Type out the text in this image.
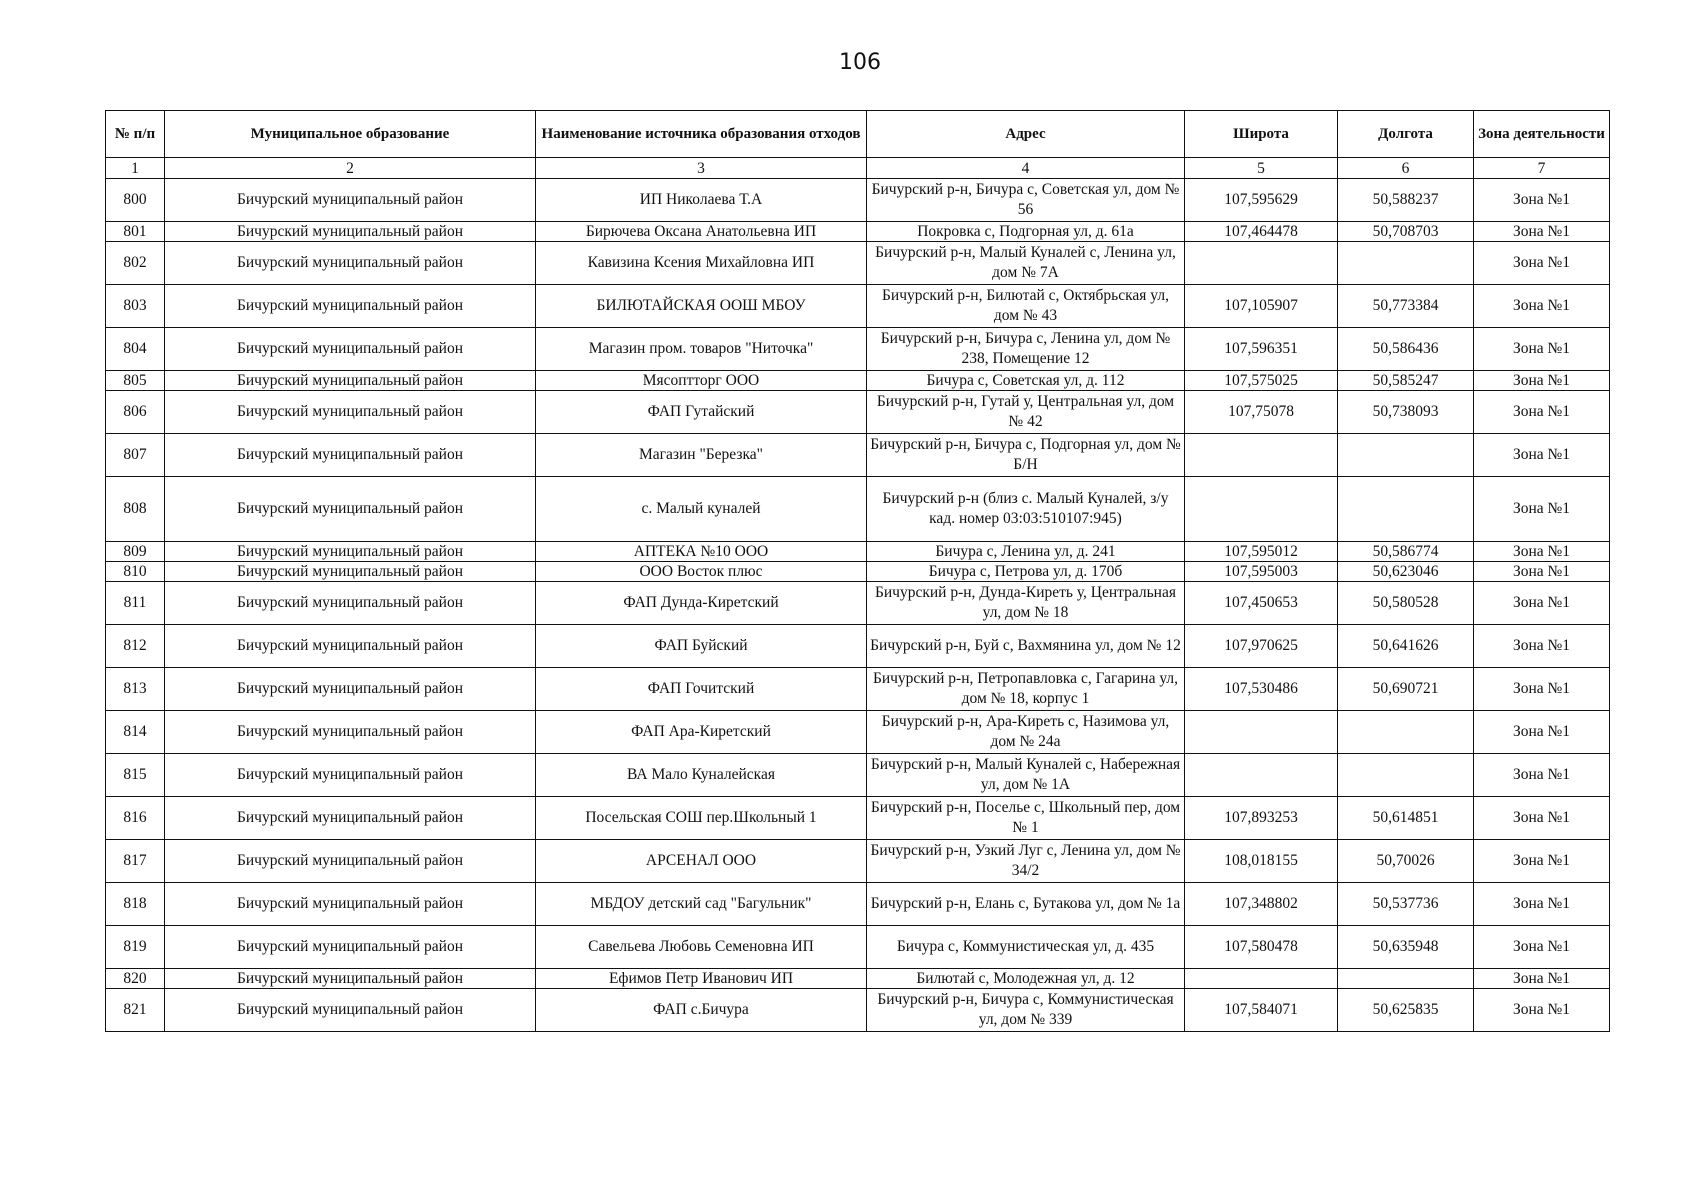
106
№ п/п	Муниципальное образование	Наименование источника образования отходов	Адрес	Широта	Долгота	Зона деятельности
1	2	3	4	5	6	7
800	Бичурский муниципальный район	ИП Николаева Т.А	Бичурский р-н, Бичура с, Советская ул, дом № 56	107,595629	50,588237	Зона №1
801	Бичурский муниципальный район	Бирючева Оксана Анатольевна ИП	Покровка с, Подгорная ул, д. 61а	107,464478	50,708703	Зона №1
802	Бичурский муниципальный район	Кавизина Ксения Михайловна ИП	Бичурский р-н, Малый Куналей с, Ленина ул, дом № 7А			Зона №1
803	Бичурский муниципальный район	БИЛЮТАЙСКАЯ ООШ МБОУ	Бичурский р-н, Билютай с, Октябрьская ул, дом № 43	107,105907	50,773384	Зона №1
804	Бичурский муниципальный район	Магазин пром. товаров "Ниточка"	Бичурский р-н, Бичура с, Ленина ул, дом № 238, Помещение 12	107,596351	50,586436	Зона №1
805	Бичурский муниципальный район	Мясоптторг ООО	Бичура с, Советская ул, д. 112	107,575025	50,585247	Зона №1
806	Бичурский муниципальный район	ФАП Гутайский	Бичурский р-н, Гутай у, Центральная ул, дом № 42	107,75078	50,738093	Зона №1
807	Бичурский муниципальный район	Магазин "Березка"	Бичурский р-н, Бичура с, Подгорная ул, дом № Б/Н			Зона №1
808	Бичурский муниципальный район	с. Малый куналей	Бичурский р-н (близ с. Малый Куналей, з/у кад. номер 03:03:510107:945)			Зона №1
809	Бичурский муниципальный район	АПТЕКА №10 ООО	Бичура с, Ленина ул, д. 241	107,595012	50,586774	Зона №1
810	Бичурский муниципальный район	ООО Восток плюс	Бичура с, Петрова ул, д. 170б	107,595003	50,623046	Зона №1
811	Бичурский муниципальный район	ФАП Дунда-Киретский	Бичурский р-н, Дунда-Киреть у, Центральная ул, дом № 18	107,450653	50,580528	Зона №1
812	Бичурский муниципальный район	ФАП Буйский	Бичурский р-н, Буй с, Вахмянина ул, дом № 12	107,970625	50,641626	Зона №1
813	Бичурский муниципальный район	ФАП Гочитский	Бичурский р-н, Петропавловка с, Гагарина ул, дом № 18, корпус 1	107,530486	50,690721	Зона №1
814	Бичурский муниципальный район	ФАП Ара-Киретский	Бичурский р-н, Ара-Киреть с, Назимова ул, дом № 24а			Зона №1
815	Бичурский муниципальный район	ВА Мало Куналейская	Бичурский р-н, Малый Куналей с, Набережная ул, дом № 1А			Зона №1
816	Бичурский муниципальный район	Посельская СОШ пер.Школьный 1	Бичурский р-н, Поселье с, Школьный пер, дом № 1	107,893253	50,614851	Зона №1
817	Бичурский муниципальный район	АРСЕНАЛ ООО	Бичурский р-н, Узкий Луг с, Ленина ул, дом № 34/2	108,018155	50,70026	Зона №1
818	Бичурский муниципальный район	МБДОУ детский сад "Багульник"	Бичурский р-н, Елань с, Бутакова ул, дом № 1а	107,348802	50,537736	Зона №1
819	Бичурский муниципальный район	Савельева Любовь Семеновна ИП	Бичура с, Коммунистическая ул, д. 435	107,580478	50,635948	Зона №1
820	Бичурский муниципальный район	Ефимов Петр Иванович ИП	Билютай с, Молодежная ул, д. 12			Зона №1
821	Бичурский муниципальный район	ФАП с.Бичура	Бичурский р-н, Бичура с, Коммунистическая ул, дом № 339	107,584071	50,625835	Зона №1
